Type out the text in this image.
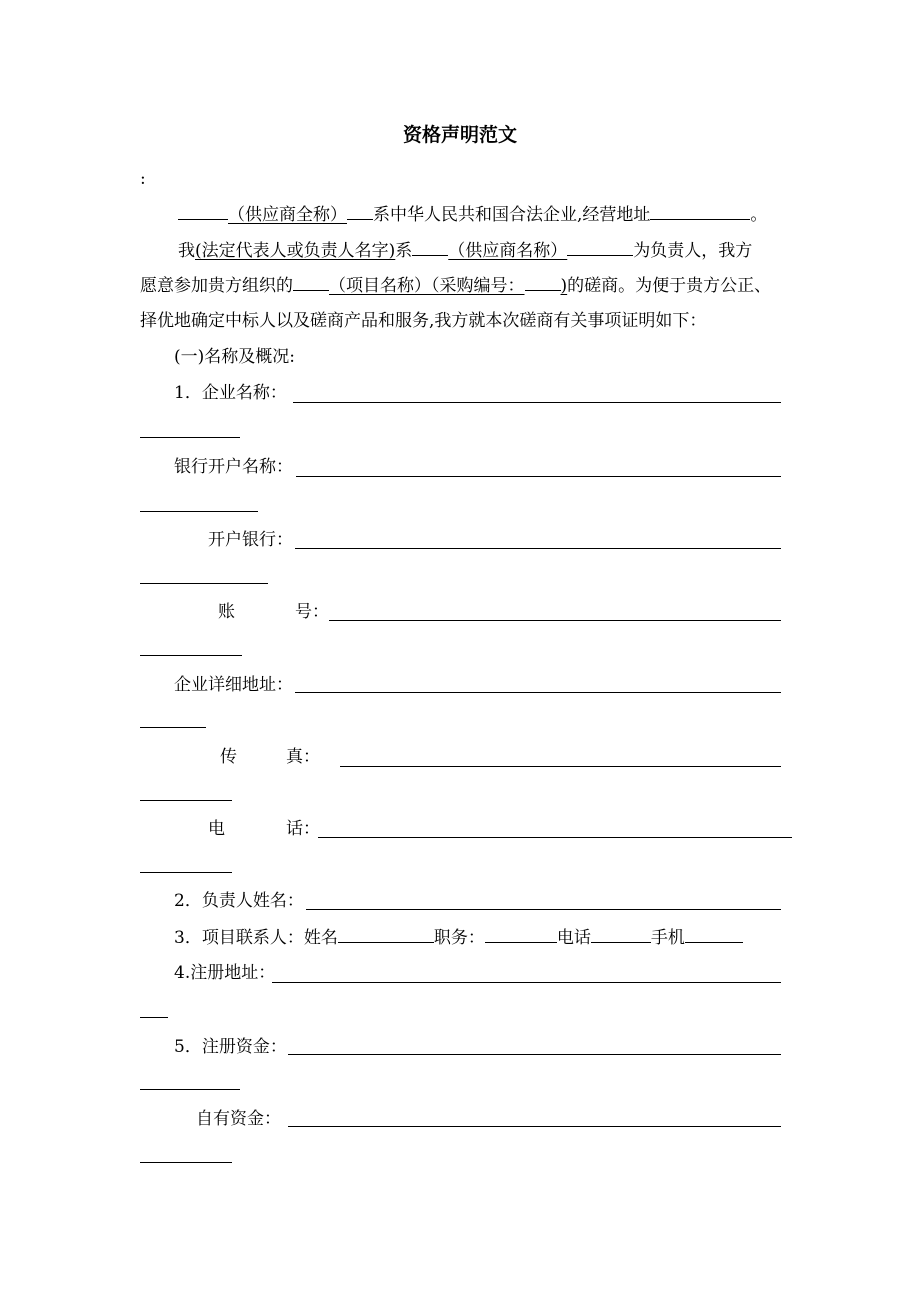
资格声明范文
:
（供应商全称） 系中华人民共和国合法企业,经营地址	。
我(法定代表人或负责人名字)系 （供应商名称）	为负责人，我方
愿意参加贵方组织的 （项目名称）（采购编号： )的磋商。为便于贵方公正、
择优地确定中标人以及磋商产品和服务,我方就本次磋商有关事项证明如下：
(一)名称及概况:
1．企业名称：
银行开户名称：
开户银行：
账	号：
企业详细地址：
传	真：
电	话：
2．负责人姓名：
3．项目联系人：姓名	职务：	电话	手机
4.注册地址：
5．注册资金：
自有资金：
